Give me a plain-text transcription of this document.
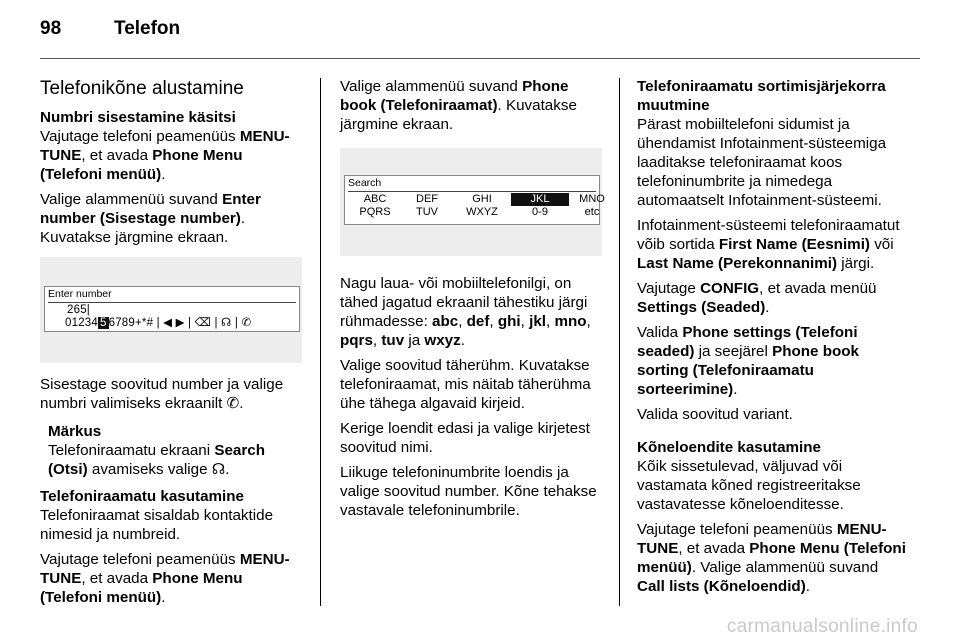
98	Telefon
Telefonikõne alustamine
Numbri sisestamine käsitsi

Vajutage telefoni peamenüüs MENU-TUNE, et avada Phone Menu (Telefoni menüü).

Valige alammenüü suvand Enter number (Sisestage number).
Kuvatakse järgmine ekraan.

Enter number
265|
01234 5 6789+*# | ◀ ▶ | ⌫ | ☊ | ✆

Sisestage soovitud number ja valige numbri valimiseks ekraanilt ✆.

Märkus

Telefoniraamatu ekraani Search (Otsi) avamiseks valige ☊.

Telefoniraamatu kasutamine

Telefoniraamat sisaldab kontaktide nimesid ja numbreid.

Vajutage telefoni peamenüüs MENU-TUNE, et avada Phone Menu (Telefoni menüü).

Valige alammenüü suvand Phone book (Telefoniraamat). Kuvatakse järgmine ekraan.

Search
ABC	DEF	GHI	JKL	MNO
PQRS	TUV	WXYZ	0-9	etc

Nagu laua- või mobiiltelefonilgi, on tähed jagatud ekraanil tähestiku järgi rühmadesse: abc, def, ghi, jkl, mno, pqrs, tuv ja wxyz.

Valige soovitud täherühm. Kuvatakse telefoniraamat, mis näitab täherühma ühe tähega algavaid kirjeid.

Kerige loendit edasi ja valige kirjetest soovitud nimi.

Liikuge telefoninumbrite loendis ja valige soovitud number. Kõne tehakse vastavale telefoninumbrile.

Telefoniraamatu sortimisjärjekorra muutmine

Pärast mobiiltelefoni sidumist ja ühendamist Infotainment-süsteemiga laaditakse telefoniraamat koos telefoninumbrite ja nimedega automaatselt Infotainment-süsteemi.

Infotainment-süsteemi telefoniraamatut võib sortida First Name (Eesnimi) või Last Name (Perekonnanimi) järgi.

Vajutage CONFIG, et avada menüü Settings (Seaded).

Valida Phone settings (Telefoni seaded) ja seejärel Phone book sorting (Telefoniraamatu sorteerimine).

Valida soovitud variant.

Kõneloendite kasutamine

Kõik sissetulevad, väljuvad või vastamata kõned registreeritakse vastavatesse kõneloenditesse.

Vajutage telefoni peamenüüs MENU-TUNE, et avada Phone Menu (Telefoni menüü). Valige alammenüü suvand Call lists (Kõneloendid).

carmanualsonline.info
